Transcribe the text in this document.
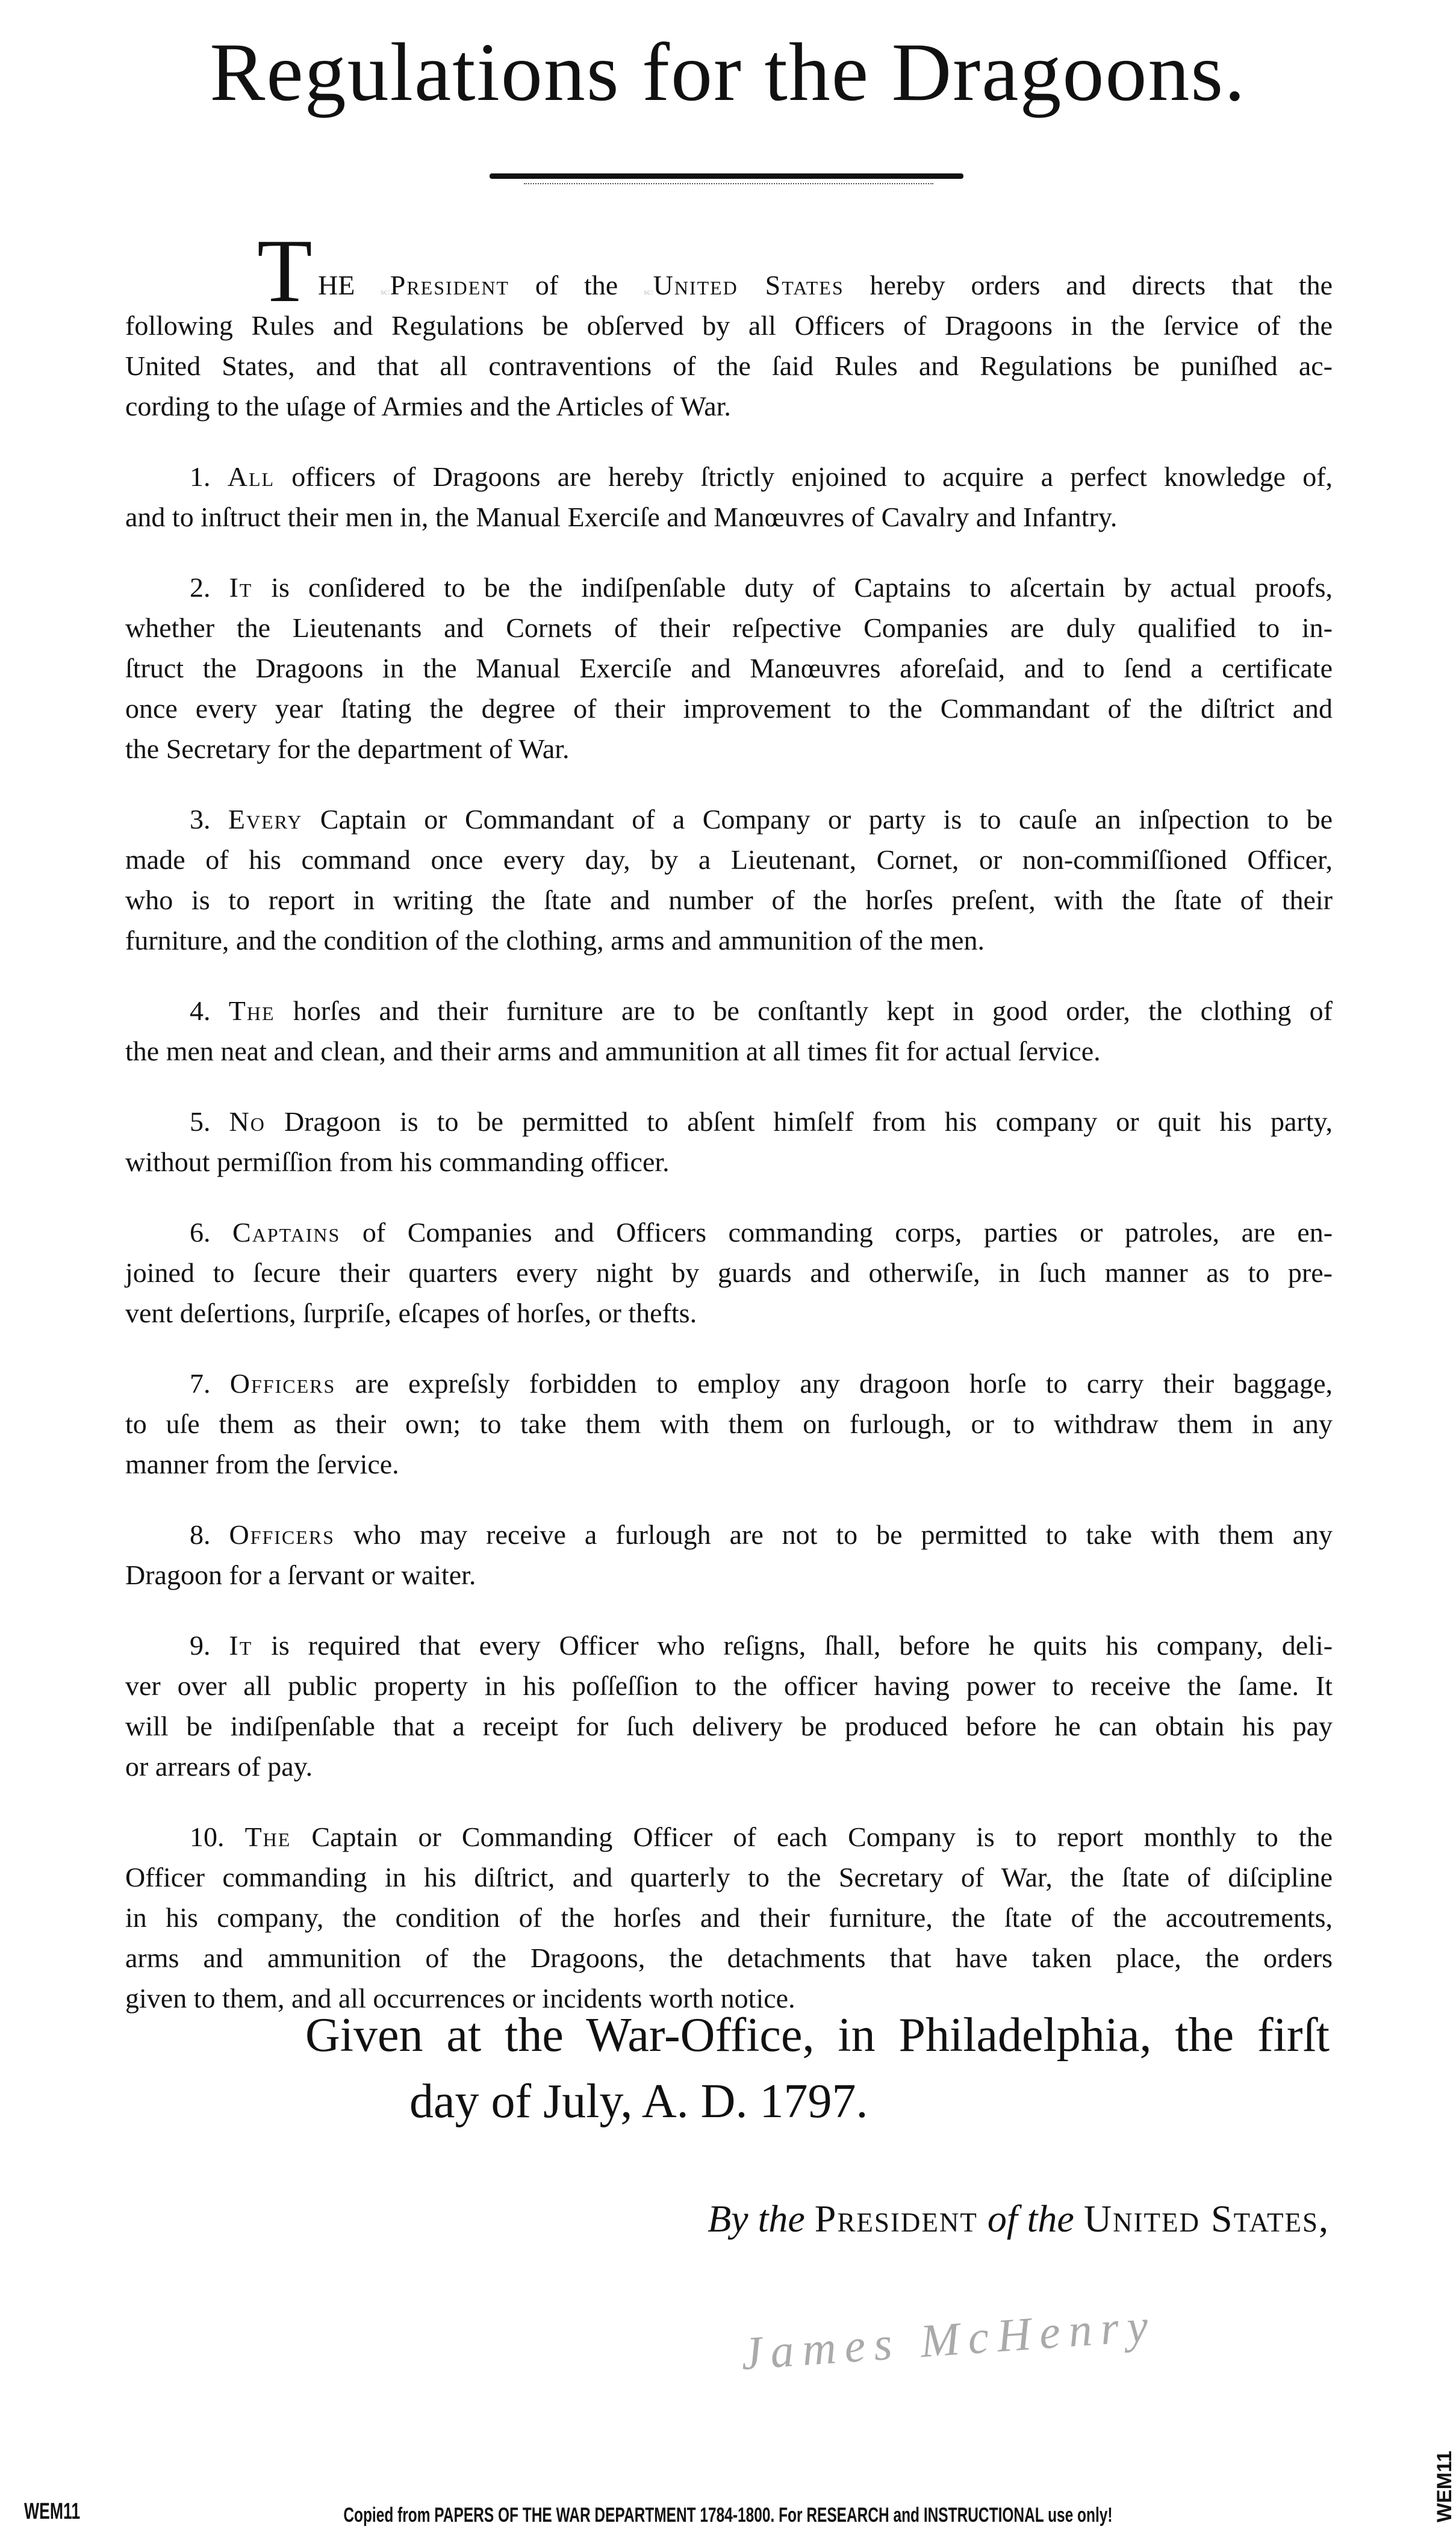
Regulations for the Dragoons.
T HE sc:President of the sc:United States hereby orders and directs that the
following Rules and Regulations be obſerved by all Officers of Dragoons in the ſervice of the
United States, and that all contraventions of the ſaid Rules and Regulations be puniſhed ac-
cording to the uſage of Armies and the Articles of War.
1. All officers of Dragoons are hereby ſtrictly enjoined to acquire a perfect knowledge of,
and to inſtruct their men in, the Manual Exerciſe and Manœuvres of Cavalry and Infantry.
2. It is conſidered to be the indiſpenſable duty of Captains to aſcertain by actual proofs,
whether the Lieutenants and Cornets of their reſpective Companies are duly qualified to in-
ſtruct the Dragoons in the Manual Exerciſe and Manœuvres aforeſaid, and to ſend a certificate
once every year ſtating the degree of their improvement to the Commandant of the diſtrict and
the Secretary for the department of War.
3. Every Captain or Commandant of a Company or party is to cauſe an inſpection to be
made of his command once every day, by a Lieutenant, Cornet, or non-commiſſioned Officer,
who is to report in writing the ſtate and number of the horſes preſent, with the ſtate of their
furniture, and the condition of the clothing, arms and ammunition of the men.
4. The horſes and their furniture are to be conſtantly kept in good order, the clothing of
the men neat and clean, and their arms and ammunition at all times fit for actual ſervice.
5. No Dragoon is to be permitted to abſent himſelf from his company or quit his party,
without permiſſion from his commanding officer.
6. Captains of Companies and Officers commanding corps, parties or patroles, are en-
joined to ſecure their quarters every night by guards and otherwiſe, in ſuch manner as to pre-
vent deſertions, ſurpriſe, eſcapes of horſes, or thefts.
7. Officers are expreſsly forbidden to employ any dragoon horſe to carry their baggage,
to uſe them as their own; to take them with them on furlough, or to withdraw them in any
manner from the ſervice.
8. Officers who may receive a furlough are not to be permitted to take with them any
Dragoon for a ſervant or waiter.
9. It is required that every Officer who reſigns, ſhall, before he quits his company, deli-
ver over all public property in his poſſeſſion to the officer having power to receive the ſame. It
will be indiſpenſable that a receipt for ſuch delivery be produced before he can obtain his pay
or arrears of pay.
10. The Captain or Commanding Officer of each Company is to report monthly to the
Officer commanding in his diſtrict, and quarterly to the Secretary of War, the ſtate of diſcipline
in his company, the condition of the horſes and their furniture, the ſtate of the accoutrements,
arms and ammunition of the Dragoons, the detachments that have taken place, the orders
given to them, and all occurrences or incidents worth notice.
Given at the War-Office, in Philadelphia, the firſt
day of July, A. D. 1797.
By the President of the United States,
James McHenry
WEM11	WEM11
Copied from PAPERS OF THE WAR DEPARTMENT 1784-1800. For RESEARCH and INSTRUCTIONAL use only!
